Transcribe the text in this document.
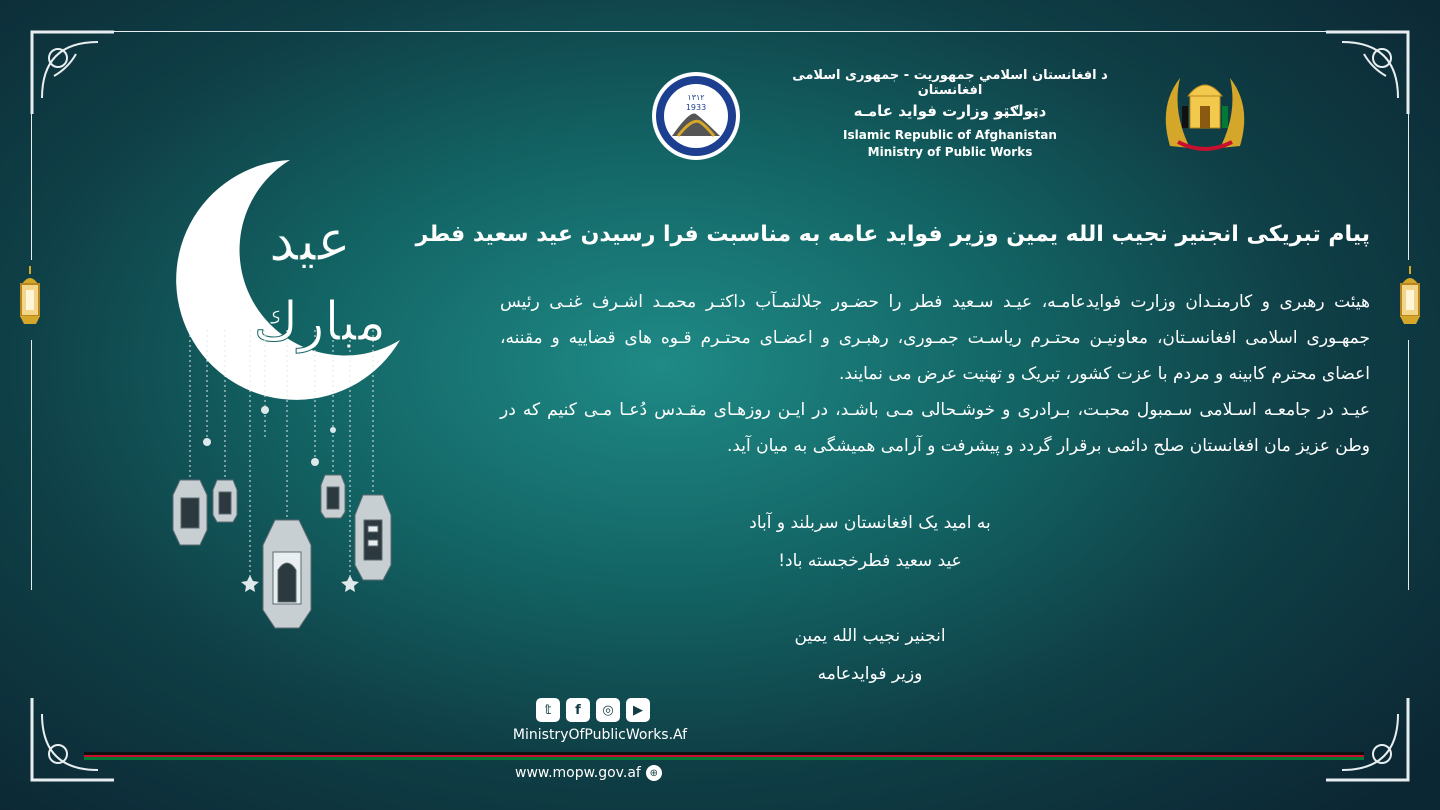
عيد
مبارك
۱۳۱۲
1933
د افغانستان اسلامي جمهوريت - جمهوری اسلامی افغانستان
دټولګټو وزارت فواید عامـه
Islamic Republic of Afghanistan
Ministry of Public Works
پیام تبریکی انجنیر نجیب الله یمین وزیر فواید عامه به مناسبت فرا رسیدن عید سعید فطر
هیئت رهبری و کارمنـدان وزارت فوایدعامـه، عیـد سـعید فطر را حضـور جلالتمـآب داکتـر محمـد اشـرف غنـی رئیس جمهـوری اسلامی افغانسـتان، معاونیـن محتـرم ریاسـت جمـوری، رهبـری و اعضـای محتـرم قـوه های قضاییه و مقننه، اعضای محترم کابینه و مردم با عزت کشور، تبریک و تهنیت عرض می نمایند.
عیـد در جامعـه اسـلامی سـمبول محبـت، بـرادری و خوشـحالی مـی باشـد، در ایـن روزهـای مقـدس دُعـا مـی کنیم که در وطن عزیز مان افغانستان صلح دائمی برقرار گردد و پیشرفت و آرامی همیشگی به میان آید.
به امید یک افغانستان سربلند و آباد
عید سعید فطرخجسته باد!
انجنیر نجیب الله یمین
وزیر فوایدعامه
𝕥	f	◎	▶
MinistryOfPublicWorks.Af
www.mopw.gov.af ⊕
